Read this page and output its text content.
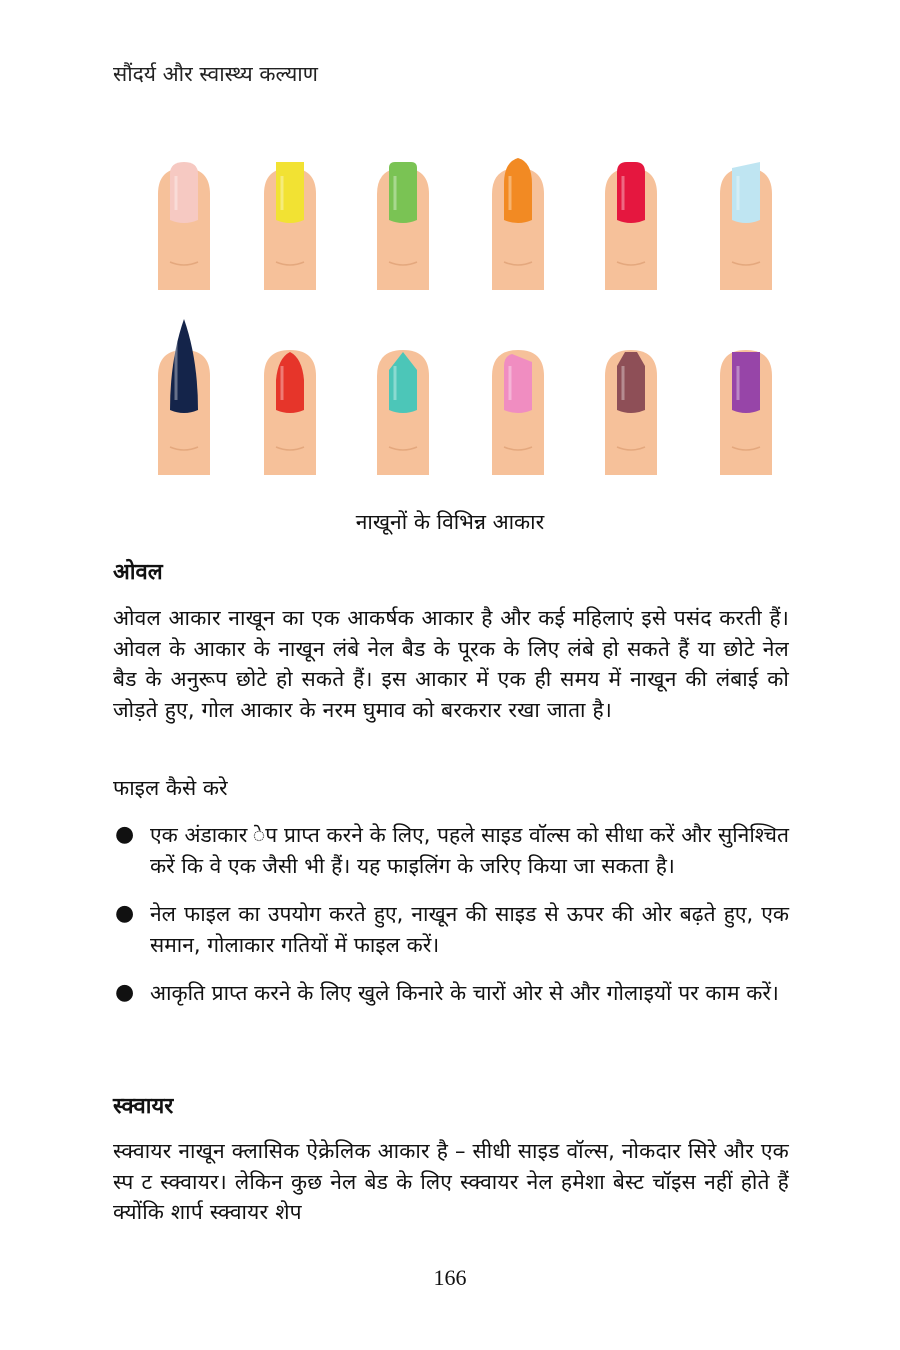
सौंदर्य और स्वास्थ्य कल्याण
नाखूनों के विभिन्न आकार
ओवल

ओवल आकार नाखून का एक आकर्षक आकार है और कई महिलाएं इसे पसंद करती हैं। ओवल के आकार के नाखून लंबे नेल बैड के पूरक के लिए लंबे हो सकते हैं या छोटे नेल बैड के अनुरूप छोटे हो सकते हैं। इस आकार में एक ही समय में नाखून की लंबाई को जोड़ते हुए, गोल आकार के नरम घुमाव को बरकरार रखा जाता है।

फाइल कैसे करे
● एक अंडाकार ेप प्राप्त करने के लिए, पहले साइड वॉल्स को सीधा करें और सुनिश्चित करें कि वे एक जैसी भी हैं। यह फाइलिंग के जरिए किया जा सकता है।
● नेल फाइल का उपयोग करते हुए, नाखून की साइड से ऊपर की ओर बढ़ते हुए, एक समान, गोलाकार गतियों में फाइल करें।
● आकृति प्राप्त करने के लिए खुले किनारे के चारों ओर से और गोलाइयों पर काम करें।
स्क्वायर

स्क्वायर नाखून क्लासिक ऐक्रेलिक आकार है – सीधी साइड वॉल्स, नोकदार सिरे और एक स्प ट स्क्वायर। लेकिन कुछ नेल बेड के लिए स्क्वायर नेल हमेशा बेस्ट चॉइस नहीं होते हैं क्योंकि शार्प स्क्वायर शेप

166
